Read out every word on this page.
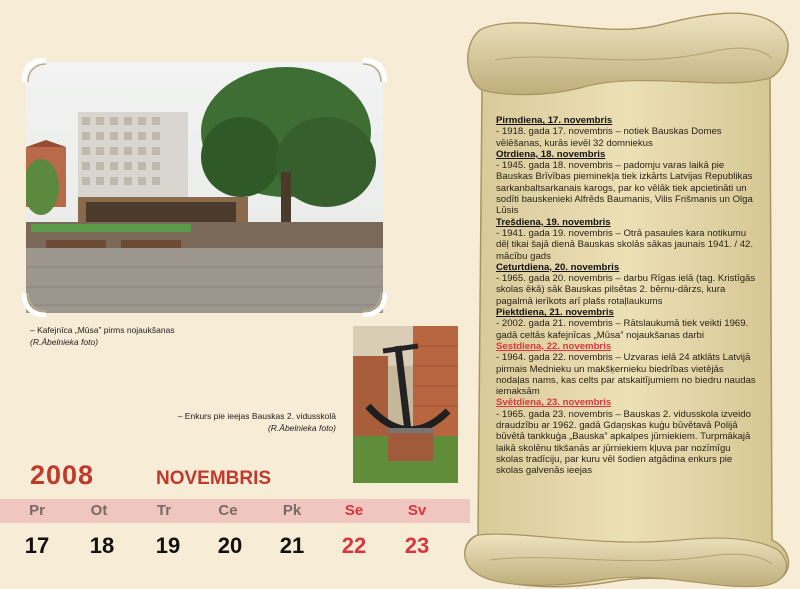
– Kafejnīca „Mūsa” pirms nojaukšanas
(R.Ābelnieka foto)
– Enkurs pie ieejas Bauskas 2. vidusskolā
(R.Ābelnieka foto)
2008	NOVEMBRIS
Pr	Ot	Tr	Ce	Pk	Se	Sv
17	18	19	20	21	22	23
Pirmdiena, 17. novembris
- 1918. gada 17. novembris – notiek Bauskas Domes vēlēšanas, kurās ievēl 32 domniekus
Otrdiena, 18. novembris
- 1945. gada 18. novembris – padomju varas laikā pie Bauskas Brīvības pieminekļa tiek izkārts Latvijas Republikas sarkanbaltsarkanais karogs, par ko vēlāk tiek apcietināti un sodīti bauskenieki Alfrēds Baumanis, Vilis Frišmanis un Olga Lūsis
Trešdiena, 19. novembris
- 1941. gada 19. novembris – Otrā pasaules kara notikumu dēļ tikai šajā dienā Bauskas skolās sākas jaunais 1941. / 42. mācību gads
Ceturtdiena, 20. novembris
- 1965. gada 20. novembris – darbu Rīgas ielā (tag. Kristīgās skolas ēkā) sāk Bauskas pilsētas 2. bērnu-dārzs, kura pagalmā ierīkots arī plašs rotaļlaukums
Piektdiena, 21. novembris
- 2002. gada 21. novembris – Rātslaukumā tiek veikti 1969. gadā celtās kafejnīcas „Mūsa” nojaukšanas darbi
Sestdiena, 22. novembris
- 1964. gada 22. novembris – Uzvaras ielā 24 atklāts Latvijā pirmais Mednieku un makšķernieku biedrības vietējās nodaļas nams, kas celts par atskaitījumiem no biedru naudas iemaksām
Svētdiena, 23. novembris
- 1965. gada 23. novembris – Bauskas 2. vidusskola izveido draudzību ar 1962. gadā Gdaņskas kuģu būvētavā Polijā būvētā tankkuģa „Bauska” apkalpes jūrniekiem. Turpmākajā laikā skolēnu tikšanās ar jūrniekiem kļuva par nozīmīgu skolas tradīciju, par kuru vēl šodien atgādina enkurs pie skolas galvenās ieejas
